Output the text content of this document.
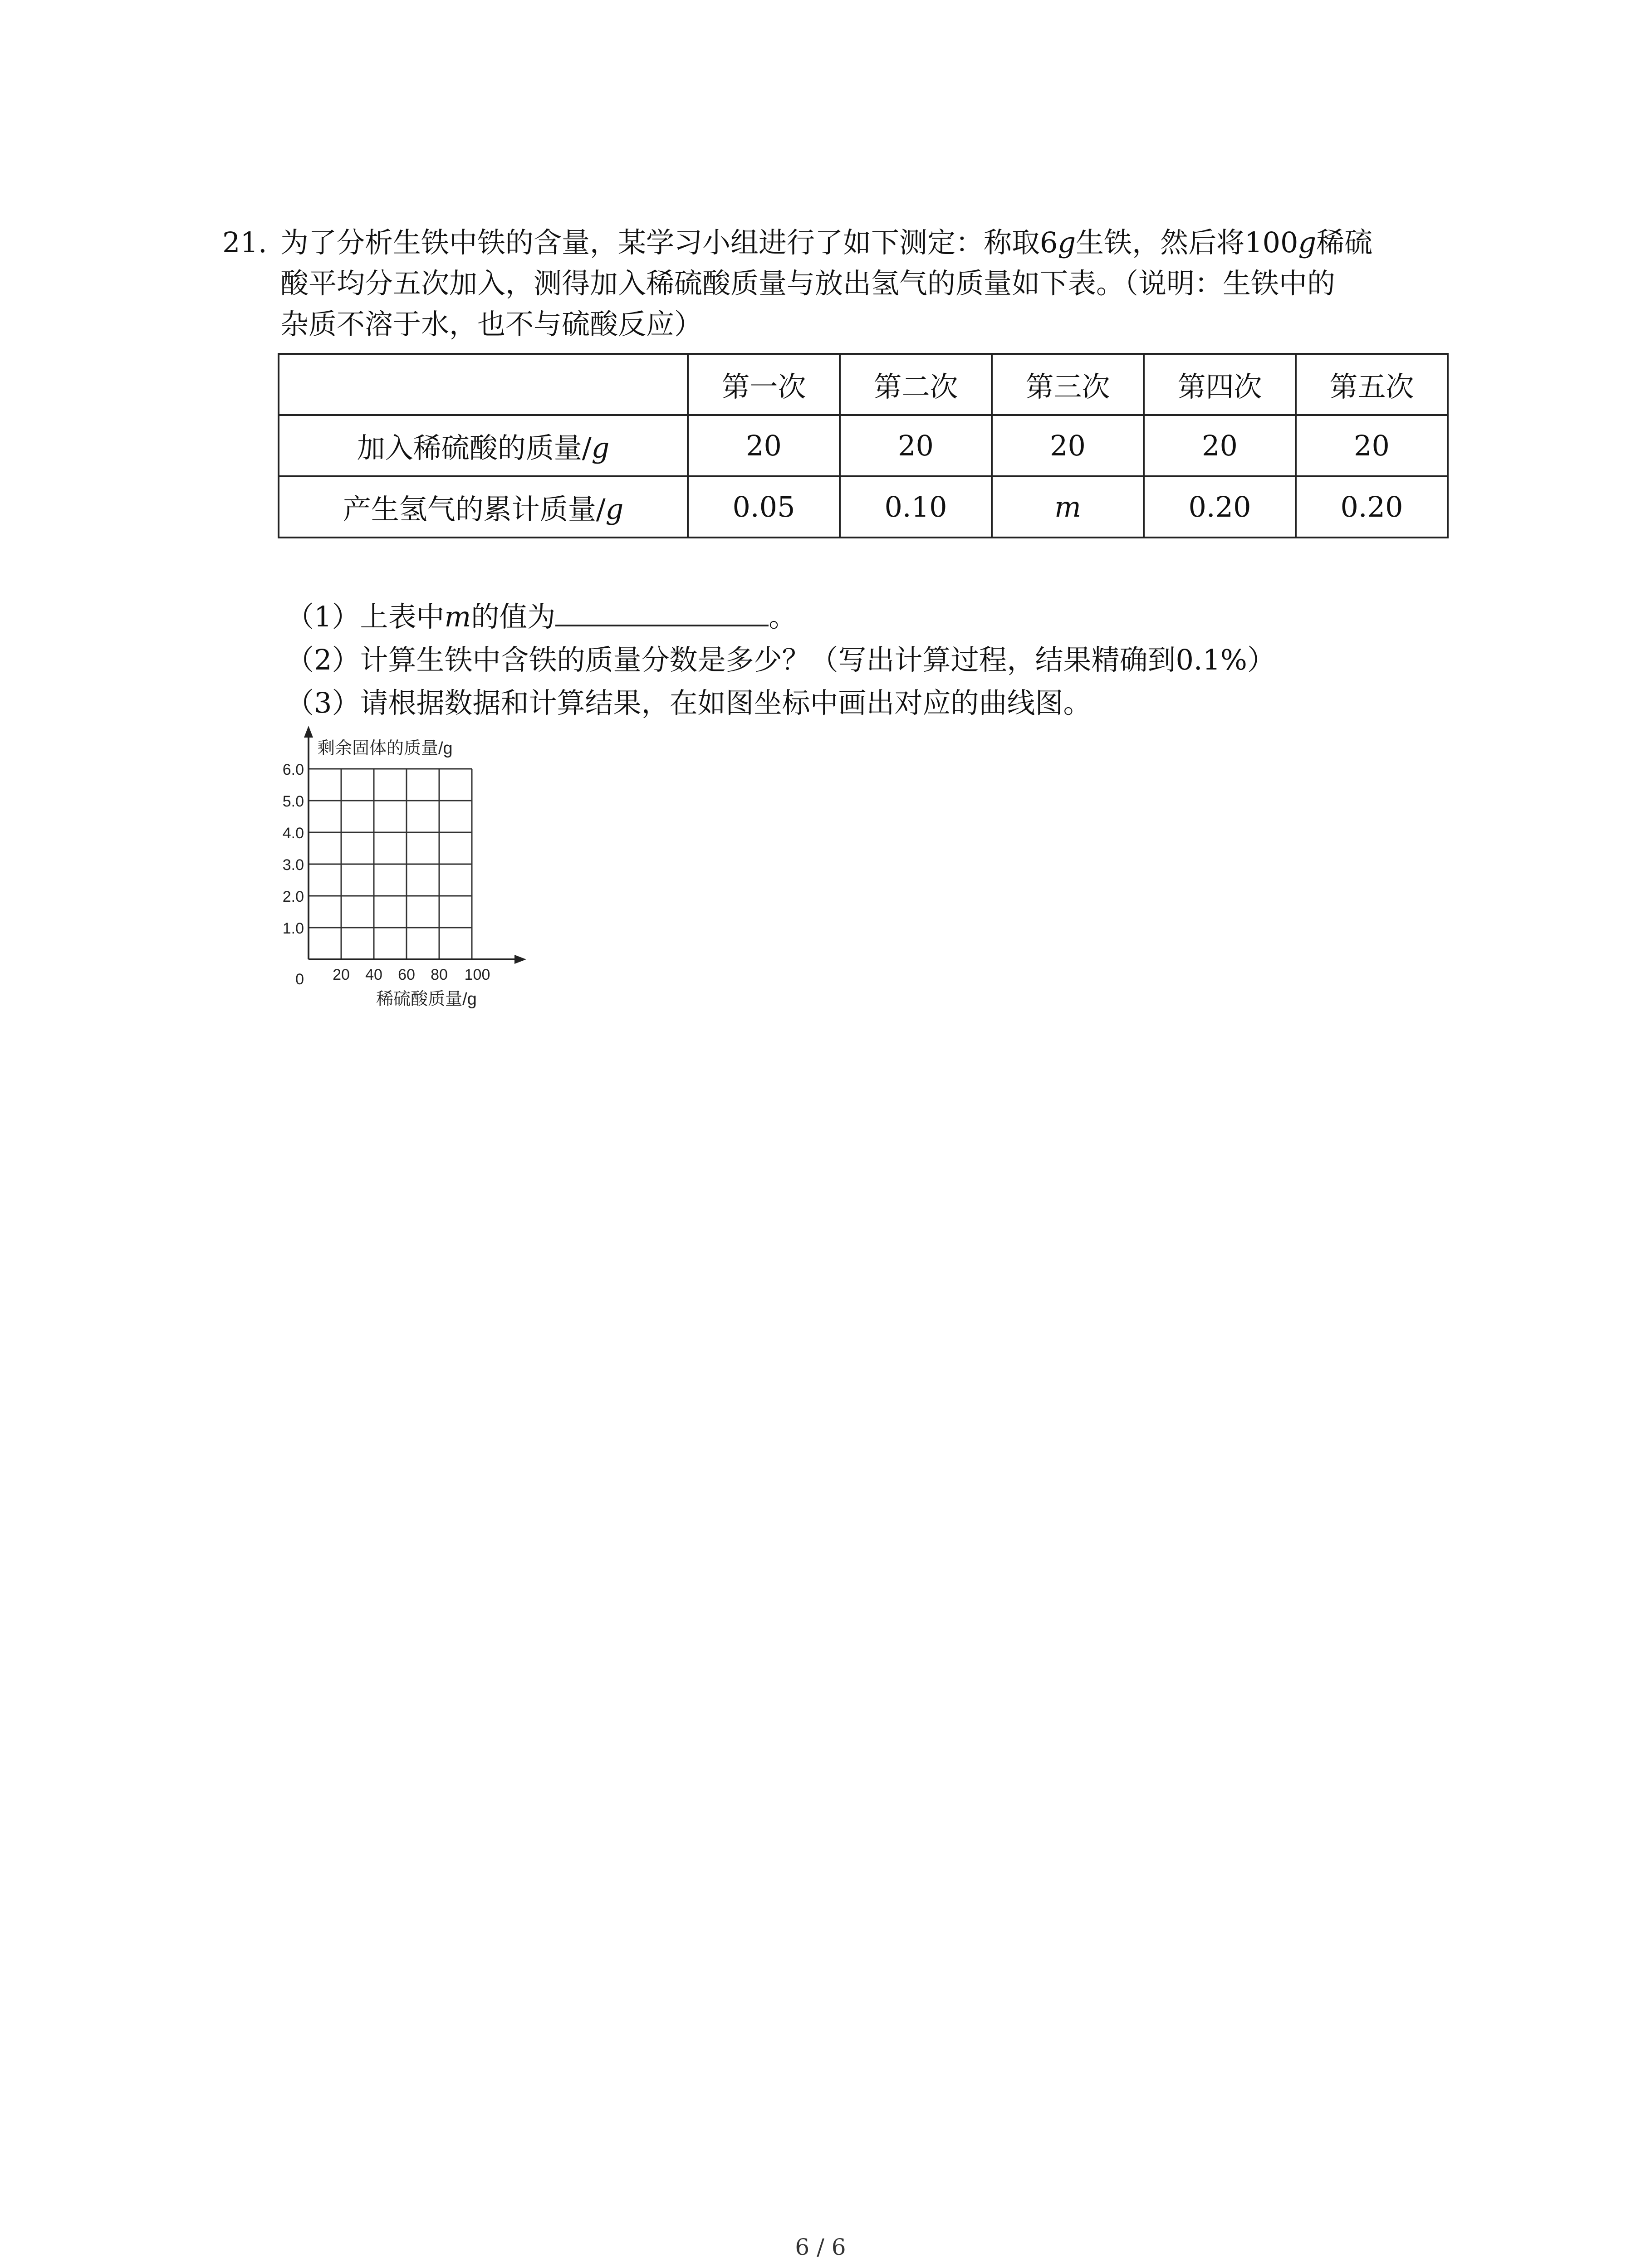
21. 为了分析生铁中铁的含量，某学习小组进行了如下测定：称取6g生铁，然后将100g稀硫
酸平均分五次加入，测得加入稀硫酸质量与放出氢气的质量如下表。（说明：生铁中的
杂质不溶于水，也不与硫酸反应）
	第一次	第二次	第三次	第四次	第五次
加入稀硫酸的质量/g	20	20	20	20	20
产生氢气的累计质量/g	0.05	0.10	m	0.20	0.20
（1）上表中m的值为	。
（2）计算生铁中含铁的质量分数是多少？（写出计算过程，结果精确到0.1%）
（3）请根据数据和计算结果，在如图坐标中画出对应的曲线图。
剩余固体的质量/g
6.0
5.0
4.0
3.0
2.0
1.0
0 20 40 60 80 100
稀硫酸质量/g
6 / 6
